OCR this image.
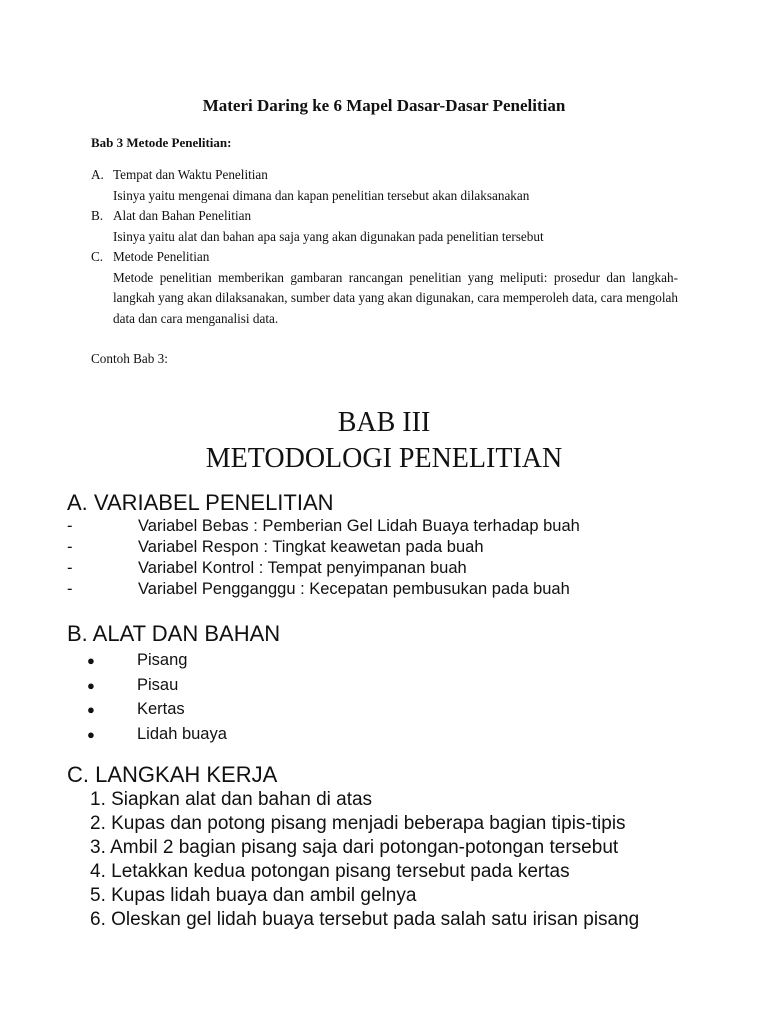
Materi Daring ke 6 Mapel Dasar-Dasar Penelitian
Bab 3 Metode Penelitian:
A. Tempat dan Waktu Penelitian
Isinya yaitu mengenai dimana dan kapan penelitian tersebut akan dilaksanakan
B. Alat dan Bahan Penelitian
Isinya yaitu alat dan bahan apa saja yang akan digunakan pada penelitian tersebut
C. Metode Penelitian
Metode penelitian memberikan gambaran rancangan penelitian yang meliputi: prosedur dan langkah-langkah yang akan dilaksanakan, sumber data yang akan digunakan, cara memperoleh data, cara mengolah data dan cara menganalisi data.
Contoh Bab 3:
BAB III
METODOLOGI PENELITIAN
A. VARIABEL PENELITIAN
-	Variabel Bebas : Pemberian Gel Lidah Buaya terhadap buah
-	Variabel Respon : Tingkat keawetan pada buah
-	Variabel Kontrol : Tempat penyimpanan buah
-	Variabel Pengganggu : Kecepatan pembusukan pada buah
B. ALAT DAN BAHAN
●	Pisang
●	Pisau
●	Kertas
●	Lidah buaya
C. LANGKAH KERJA
1. Siapkan alat dan bahan di atas
2. Kupas dan potong pisang menjadi beberapa bagian tipis-tipis
3. Ambil 2 bagian pisang saja dari potongan-potongan tersebut
4. Letakkan kedua potongan pisang tersebut pada kertas
5. Kupas lidah buaya dan ambil gelnya
6. Oleskan gel lidah buaya tersebut pada salah satu irisan pisang
